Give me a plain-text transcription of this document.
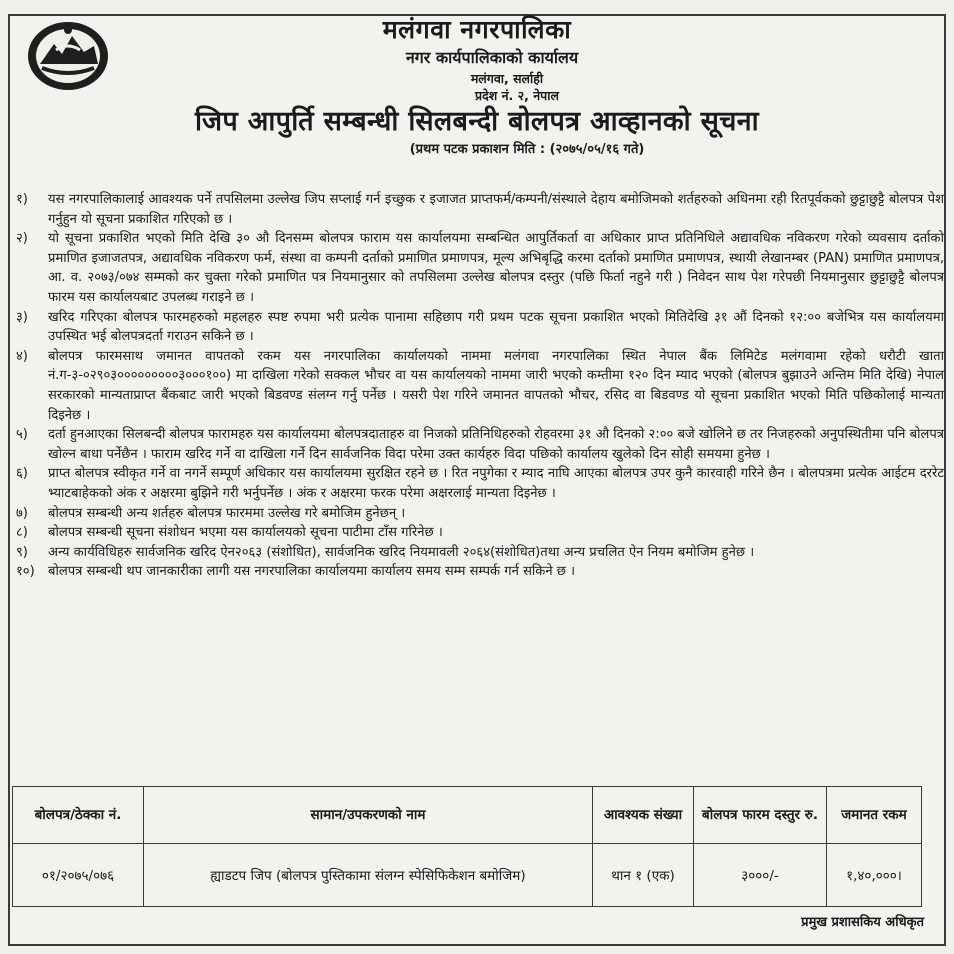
मलंगवा नगरपालिका
नगर कार्यपालिकाको कार्यालय
मलंगवा, सर्लाही
प्रदेश नं. २, नेपाल
जिप आपुर्ति सम्बन्धी सिलबन्दी बोलपत्र आव्हानको सूचना
(प्रथम पटक प्रकाशन मिति : (२०७५/०५/१६ गते)
१)	यस नगरपालिकालाई आवश्यक पर्ने तपसिलमा उल्लेख जिप सप्लाई गर्न इच्छुक र इजाजत प्राप्तफर्म/कम्पनी/संस्थाले देहाय बमोजिमको शर्तहरुको अधिनमा रही रितपूर्वकको छुट्टाछुट्टै बोलपत्र पेश गर्नुहुन यो सूचना प्रकाशित गरिएको छ ।
२)	यो सूचना प्रकाशित भएको मिति देखि ३० औ दिनसम्म बोलपत्र फाराम यस कार्यालयमा सम्बन्धित आपुर्तिकर्ता वा अधिकार प्राप्त प्रतिनिधिले अद्यावधिक नविकरण गरेको व्यवसाय दर्ताको प्रमाणित इजाजतपत्र, अद्यावधिक नविकरण फर्म, संस्था वा कम्पनी दर्ताको प्रमाणित प्रमाणपत्र, मूल्य अभिबृद्धि करमा दर्ताको प्रमाणित प्रमाणपत्र, स्थायी लेखानम्बर (PAN) प्रमाणित प्रमाणपत्र, आ. व. २०७३/०७४ सम्मको कर चुक्ता गरेको प्रमाणित पत्र नियमानुसार को तपसिलमा उल्लेख बोलपत्र दस्तुर (पछि फिर्ता नहुने गरी ) निवेदन साथ पेश गरेपछी नियमानुसार छुट्टाछुट्टै बोलपत्र फारम यस कार्यालयबाट उपलब्ध गराइने छ ।
३)	खरिद गरिएका बोलपत्र फारमहरुको महलहरु स्पष्ट रुपमा भरी प्रत्येक पानामा सहिछाप गरी प्रथम पटक सूचना प्रकाशित भएको मितिदेखि ३१ औं दिनको १२:०० बजेभित्र यस कार्यालयमा उपस्थित भई बोलपत्रदर्ता गराउन सकिने छ ।
४)	बोलपत्र फारमसाथ जमानत वापतको रकम यस नगरपालिका कार्यालयको नाममा मलंगवा नगरपालिका स्थित नेपाल बैंक लिमिटेड मलंगवामा रहेको धरौटी खाता नं.ग-३-०२९०३०००००००००३०००१००) मा दाखिला गरेको सक्कल भौचर वा यस कार्यालयको नाममा जारी भएको कम्तीमा १२० दिन म्याद भएको (बोलपत्र बुझाउने अन्तिम मिति देखि) नेपाल सरकारको मान्यताप्राप्त बैंकबाट जारी भएको बिडवण्ड संलग्न गर्नु पर्नेछ । यसरी पेश गरिने जमानत वापतको भौचर, रसिद वा बिडवण्ड यो सूचना प्रकाशित भएको मिति पछिकोलाई मान्यता दिइनेछ ।
५)	दर्ता हुनआएका सिलबन्दी बोलपत्र फारामहरु यस कार्यालयमा बोलपत्रदाताहरु वा निजको प्रतिनिधिहरुको रोहवरमा ३१ औ दिनको २:०० बजे खोलिने छ तर निजहरुको अनुपस्थितीमा पनि बोलपत्र खोल्न बाधा पर्नेछैन । फाराम खरिद गर्ने वा दाखिला गर्ने दिन सार्वजनिक विदा परेमा उक्त कार्यहरु विदा पछिको कार्यालय खुलेको दिन सोही समयमा हुनेछ ।
६)	प्राप्त बोलपत्र स्वीकृत गर्ने वा नगर्ने सम्पूर्ण अधिकार यस कार्यालयमा सुरक्षित रहने छ । रित नपुगेका र म्याद नाघि आएका बोलपत्र उपर कुनै कारवाही गरिने छैन । बोलपत्रमा प्रत्येक आईटम दररेट भ्याटबाहेकको अंक र अक्षरमा बुझिने गरी भर्नुपर्नेछ । अंक र अक्षरमा फरक परेमा अक्षरलाई मान्यता दिइनेछ ।
७)	बोलपत्र सम्बन्धी अन्य शर्तहरु बोलपत्र फारममा उल्लेख गरे बमोजिम हुनेछन् ।
८)	बोलपत्र सम्बन्धी सूचना संशोधन भएमा यस कार्यालयको सूचना पाटीमा टाँस गरिनेछ ।
९)	अन्य कार्यविधिहरु सार्वजनिक खरिद ऐन२०६३ (संशोधित), सार्वजनिक खरिद नियमावली २०६४(संशोधित)तथा अन्य प्रचलित ऐन नियम बमोजिम हुनेछ ।
१०)	बोलपत्र सम्बन्धी थप जानकारीका लागी यस नगरपालिका कार्यालयमा कार्यालय समय सम्म सम्पर्क गर्न सकिने छ ।
बोलपत्र/ठेक्का नं.	सामान/उपकरणको नाम	आवश्यक संख्या	बोलपत्र फारम दस्तुर रु.	जमानत रकम
०१/२०७५/०७६	ह्याडटप जिप (बोलपत्र पुस्तिकामा संलग्न स्पेसिफिकेशन बमोजिम)	थान १ (एक)	३०००/-	१,४०,०००।
प्रमुख प्रशासकिय अधिकृत
